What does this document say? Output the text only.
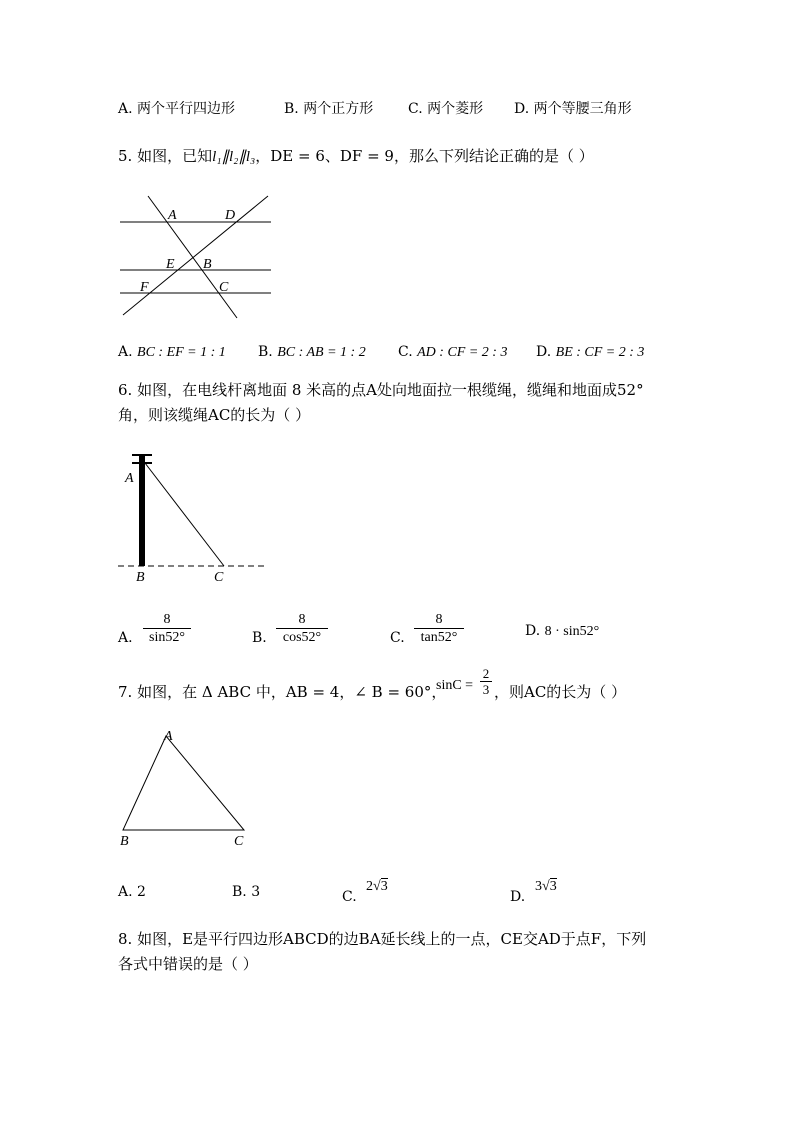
A. 两个平行四边形	B. 两个正方形 C. 两个菱形 D. 两个等腰三角形
5. 如图，已知l₁∥l₂∥l₃，DE = 6、DF = 9，那么下列结论正确的是（ ）
A	D
E B
F	C
A. BC : EF = 1 : 1 B. BC : AB = 1 : 2 C. AD : CF = 2 : 3 D. BE : CF = 2 : 3
6. 如图，在电线杆离地面 8 米高的点A处向地面拉一根缆绳，缆绳和地面成52°
角，则该缆绳AC的长为（ ）
A
B	C
A. $\frac{8}{\sin 52^\circ}$	B. $\frac{8}{\cos 52^\circ}$	C. $\frac{8}{\tan 52^\circ}$	D. 8 · sin52°
7. 如图，在 Δ ABC 中，AB = 4，∠ B = 60°，
$\sin C = \frac{2}{3}$ ，则AC的长为（ ）
A
B	C
A. 2	B. 3	C.
2√3
D.
3√3
8. 如图，E是平行四边形ABCD的边BA延长线上的一点，CE交AD于点F，下列
各式中错误的是（ ）
